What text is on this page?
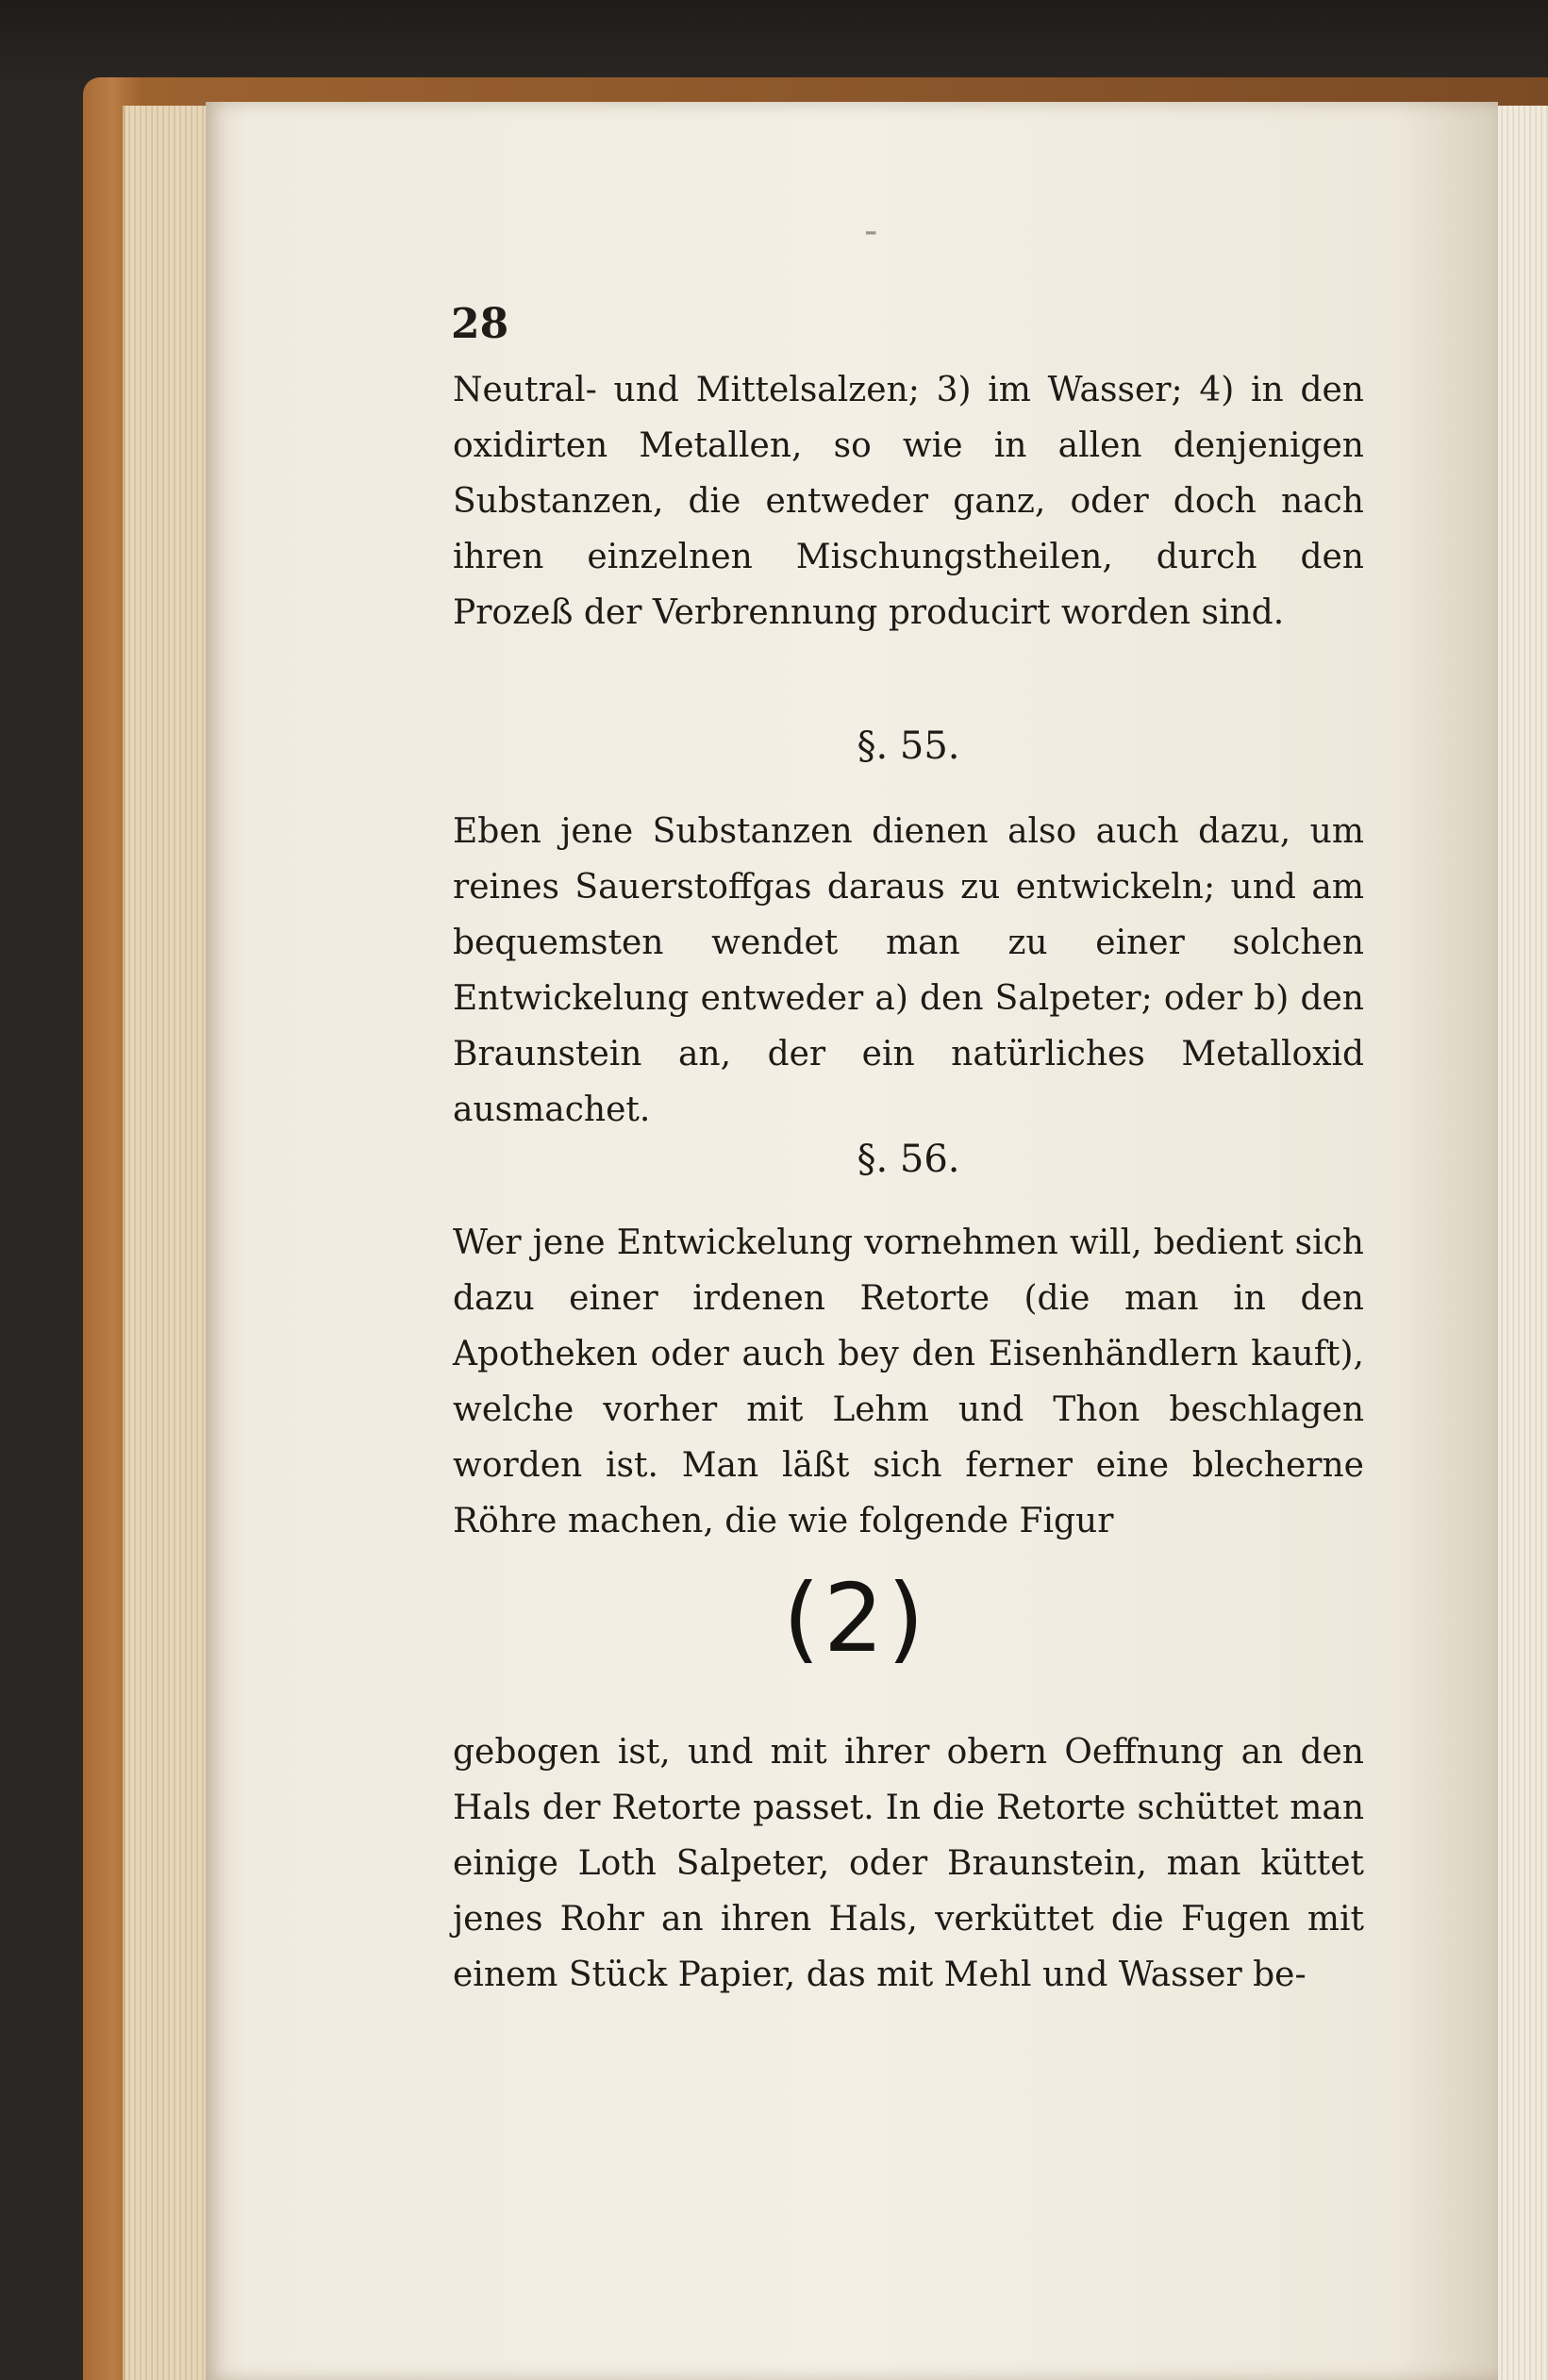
-
28
Neutral- und Mittelsalzen; 3) im Wasser; 4) in den oxidirten Metallen, so wie in allen denjenigen Substanzen, die entweder ganz, oder doch nach ihren einzelnen Mischungstheilen, durch den Prozeß der Verbrennung producirt worden sind.
§. 55.
Eben jene Substanzen dienen also auch dazu, um reines Sauerstoffgas daraus zu entwickeln; und am bequemsten wendet man zu einer solchen Entwickelung entweder a) den Salpeter; oder b) den Braunstein an, der ein natürliches Metalloxid ausmachet.
§. 56.
Wer jene Entwickelung vornehmen will, bedient sich dazu einer irdenen Retorte (die man in den Apotheken oder auch bey den Eisenhändlern kauft), welche vorher mit Lehm und Thon beschlagen worden ist. Man läßt sich ferner eine blecherne Röhre machen, die wie folgende Figur
(2)
gebogen ist, und mit ihrer obern Oeffnung an den Hals der Retorte passet. In die Retorte schüttet man einige Loth Salpeter, oder Braunstein, man küttet jenes Rohr an ihren Hals, verküttet die Fugen mit einem Stück Papier, das mit Mehl und Wasser be-
